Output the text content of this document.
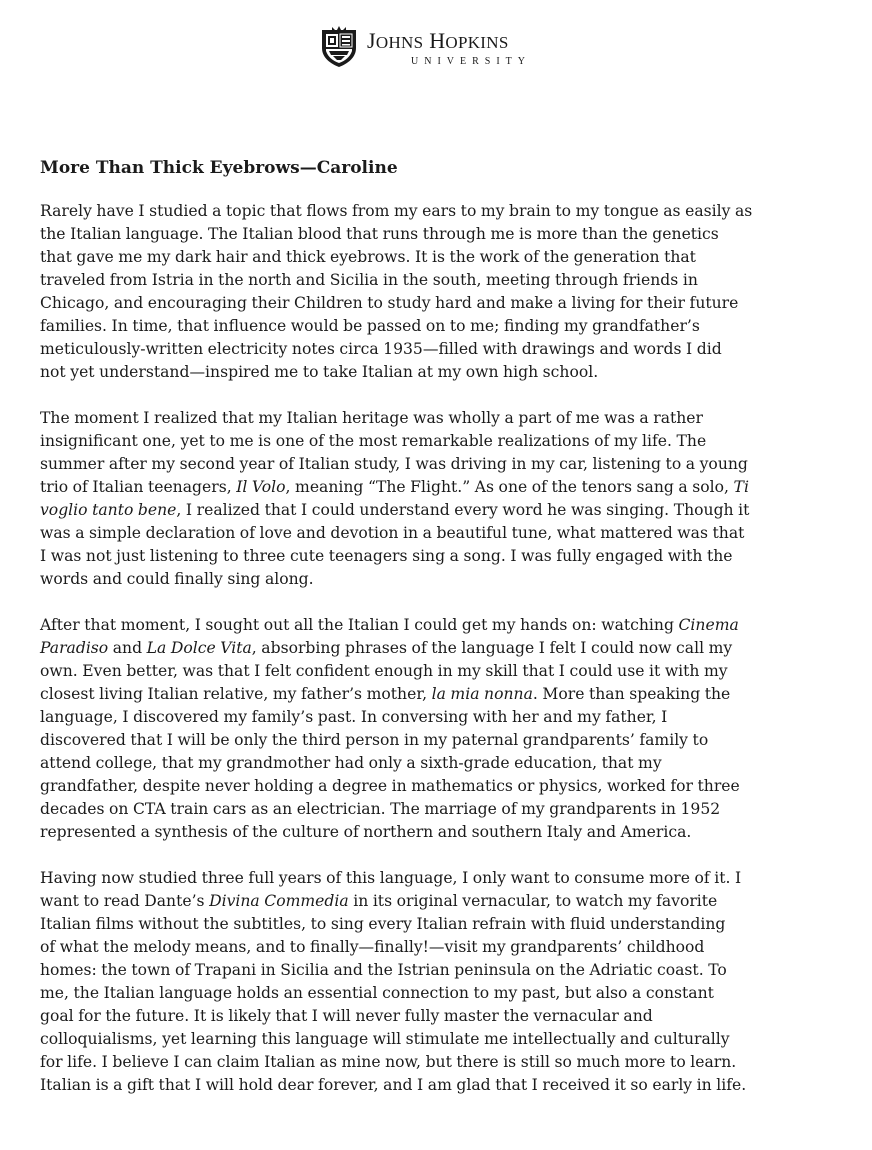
JOHNS HOPKINS
UNIVERSITY
More Than Thick Eyebrows—Caroline
Rarely have I studied a topic that flows from my ears to my brain to my tongue as easily as
the Italian language. The Italian blood that runs through me is more than the genetics
that gave me my dark hair and thick eyebrows. It is the work of the generation that
traveled from Istria in the north and Sicilia in the south, meeting through friends in
Chicago, and encouraging their Children to study hard and make a living for their future
families. In time, that influence would be passed on to me; finding my grandfather’s
meticulously-written electricity notes circa 1935—filled with drawings and words I did
not yet understand—inspired me to take Italian at my own high school.
The moment I realized that my Italian heritage was wholly a part of me was a rather
insignificant one, yet to me is one of the most remarkable realizations of my life. The
summer after my second year of Italian study, I was driving in my car, listening to a young
trio of Italian teenagers, Il Volo, meaning “The Flight.” As one of the tenors sang a solo, Ti
voglio tanto bene, I realized that I could understand every word he was singing. Though it
was a simple declaration of love and devotion in a beautiful tune, what mattered was that
I was not just listening to three cute teenagers sing a song. I was fully engaged with the
words and could finally sing along.
After that moment, I sought out all the Italian I could get my hands on: watching Cinema
Paradiso and La Dolce Vita, absorbing phrases of the language I felt I could now call my
own. Even better, was that I felt confident enough in my skill that I could use it with my
closest living Italian relative, my father’s mother, la mia nonna. More than speaking the
language, I discovered my family’s past. In conversing with her and my father, I
discovered that I will be only the third person in my paternal grandparents’ family to
attend college, that my grandmother had only a sixth-grade education, that my
grandfather, despite never holding a degree in mathematics or physics, worked for three
decades on CTA train cars as an electrician. The marriage of my grandparents in 1952
represented a synthesis of the culture of northern and southern Italy and America.
Having now studied three full years of this language, I only want to consume more of it. I
want to read Dante’s Divina Commedia in its original vernacular, to watch my favorite
Italian films without the subtitles, to sing every Italian refrain with fluid understanding
of what the melody means, and to finally—finally!—visit my grandparents’ childhood
homes: the town of Trapani in Sicilia and the Istrian peninsula on the Adriatic coast. To
me, the Italian language holds an essential connection to my past, but also a constant
goal for the future. It is likely that I will never fully master the vernacular and
colloquialisms, yet learning this language will stimulate me intellectually and culturally
for life. I believe I can claim Italian as mine now, but there is still so much more to learn.
Italian is a gift that I will hold dear forever, and I am glad that I received it so early in life.
